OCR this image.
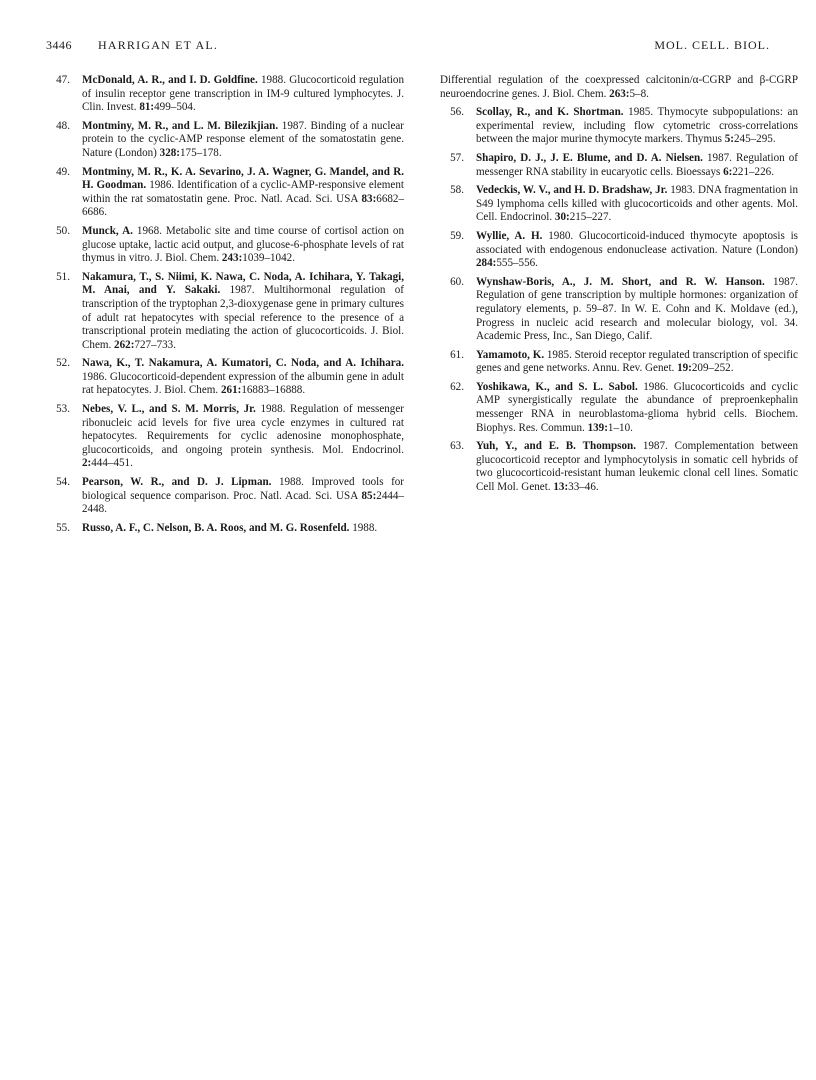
3446 HARRIGAN ET AL.	MOL. CELL. BIOL.
47. McDonald, A. R., and I. D. Goldfine. 1988. Glucocorticoid regulation of insulin receptor gene transcription in IM-9 cultured lymphocytes. J. Clin. Invest. 81:499–504.
48. Montminy, M. R., and L. M. Bilezikjian. 1987. Binding of a nuclear protein to the cyclic-AMP response element of the somatostatin gene. Nature (London) 328:175–178.
49. Montminy, M. R., K. A. Sevarino, J. A. Wagner, G. Mandel, and R. H. Goodman. 1986. Identification of a cyclic-AMP-responsive element within the rat somatostatin gene. Proc. Natl. Acad. Sci. USA 83:6682–6686.
50. Munck, A. 1968. Metabolic site and time course of cortisol action on glucose uptake, lactic acid output, and glucose-6-phosphate levels of rat thymus in vitro. J. Biol. Chem. 243:1039–1042.
51. Nakamura, T., S. Niimi, K. Nawa, C. Noda, A. Ichihara, Y. Takagi, M. Anai, and Y. Sakaki. 1987. Multihormonal regulation of transcription of the tryptophan 2,3-dioxygenase gene in primary cultures of adult rat hepatocytes with special reference to the presence of a transcriptional protein mediating the action of glucocorticoids. J. Biol. Chem. 262:727–733.
52. Nawa, K., T. Nakamura, A. Kumatori, C. Noda, and A. Ichihara. 1986. Glucocorticoid-dependent expression of the albumin gene in adult rat hepatocytes. J. Biol. Chem. 261:16883–16888.
53. Nebes, V. L., and S. M. Morris, Jr. 1988. Regulation of messenger ribonucleic acid levels for five urea cycle enzymes in cultured rat hepatocytes. Requirements for cyclic adenosine monophosphate, glucocorticoids, and ongoing protein synthesis. Mol. Endocrinol. 2:444–451.
54. Pearson, W. R., and D. J. Lipman. 1988. Improved tools for biological sequence comparison. Proc. Natl. Acad. Sci. USA 85:2444–2448.
55. Russo, A. F., C. Nelson, B. A. Roos, and M. G. Rosenfeld. 1988.
Differential regulation of the coexpressed calcitonin/α-CGRP and β-CGRP neuroendocrine genes. J. Biol. Chem. 263:5–8.
56. Scollay, R., and K. Shortman. 1985. Thymocyte subpopulations: an experimental review, including flow cytometric cross-correlations between the major murine thymocyte markers. Thymus 5:245–295.
57. Shapiro, D. J., J. E. Blume, and D. A. Nielsen. 1987. Regulation of messenger RNA stability in eucaryotic cells. Bioessays 6:221–226.
58. Vedeckis, W. V., and H. D. Bradshaw, Jr. 1983. DNA fragmentation in S49 lymphoma cells killed with glucocorticoids and other agents. Mol. Cell. Endocrinol. 30:215–227.
59. Wyllie, A. H. 1980. Glucocorticoid-induced thymocyte apoptosis is associated with endogenous endonuclease activation. Nature (London) 284:555–556.
60. Wynshaw-Boris, A., J. M. Short, and R. W. Hanson. 1987. Regulation of gene transcription by multiple hormones: organization of regulatory elements, p. 59–87. In W. E. Cohn and K. Moldave (ed.), Progress in nucleic acid research and molecular biology, vol. 34. Academic Press, Inc., San Diego, Calif.
61. Yamamoto, K. 1985. Steroid receptor regulated transcription of specific genes and gene networks. Annu. Rev. Genet. 19:209–252.
62. Yoshikawa, K., and S. L. Sabol. 1986. Glucocorticoids and cyclic AMP synergistically regulate the abundance of preproenkephalin messenger RNA in neuroblastoma-glioma hybrid cells. Biochem. Biophys. Res. Commun. 139:1–10.
63. Yuh, Y., and E. B. Thompson. 1987. Complementation between glucocorticoid receptor and lymphocytolysis in somatic cell hybrids of two glucocorticoid-resistant human leukemic clonal cell lines. Somatic Cell Mol. Genet. 13:33–46.
